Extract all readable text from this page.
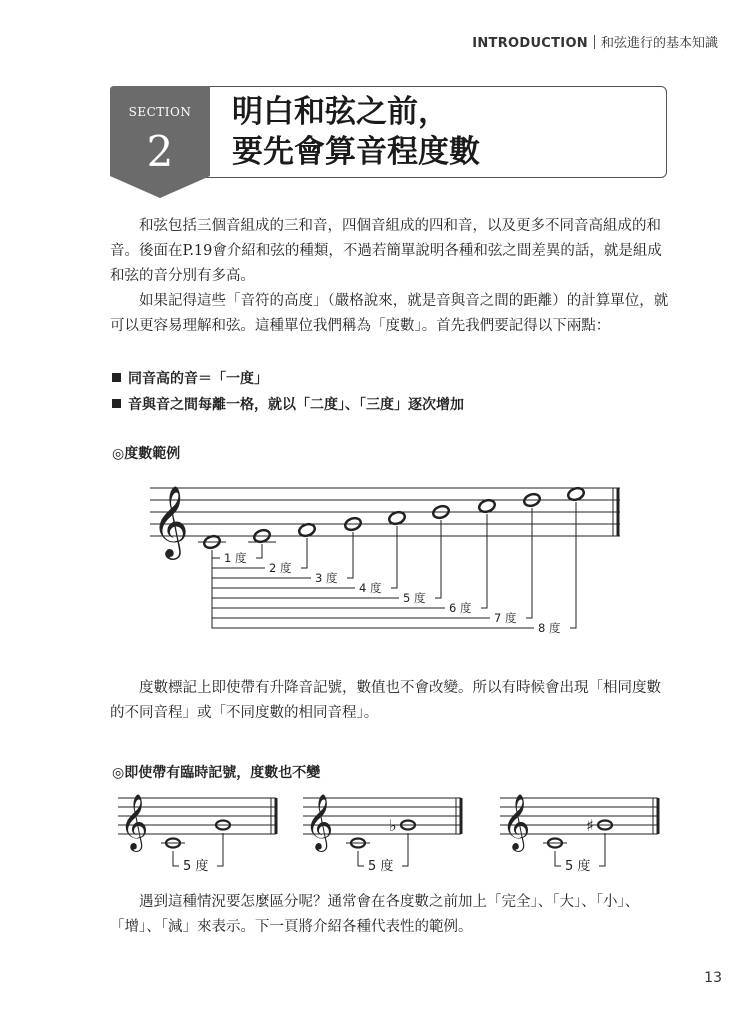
INTRODUCTION 和弦進行的基本知識
SECTION
2
明白和弦之前，
要先會算音程度數

和弦包括三個音組成的三和音，四個音組成的四和音，以及更多不同音高組成的和音。後面在P.19會介紹和弦的種類，不過若簡單說明各種和弦之間差異的話，就是組成和弦的音分別有多高。

如果記得這些「音符的高度」（嚴格說來，就是音與音之間的距離）的計算單位，就可以更容易理解和弦。這種單位我們稱為「度數」。首先我們要記得以下兩點：

同音高的音＝「一度」
音與音之間每離一格，就以「二度」、「三度」逐次增加
◎度數範例
𝄞
1 度
2 度
3 度
4 度
5 度
6 度
7 度
8 度

度數標記上即使帶有升降音記號，數值也不會改變。所以有時候會出現「相同度數的不同音程」或「不同度數的相同音程」。

◎即使帶有臨時記號，度數也不變
𝄞
5 度
𝄞	♭
5 度
𝄞	♯
5 度

遇到這種情況要怎麼區分呢？通常會在各度數之前加上「完全」、「大」、「小」、「增」、「減」來表示。下一頁將介紹各種代表性的範例。

13
